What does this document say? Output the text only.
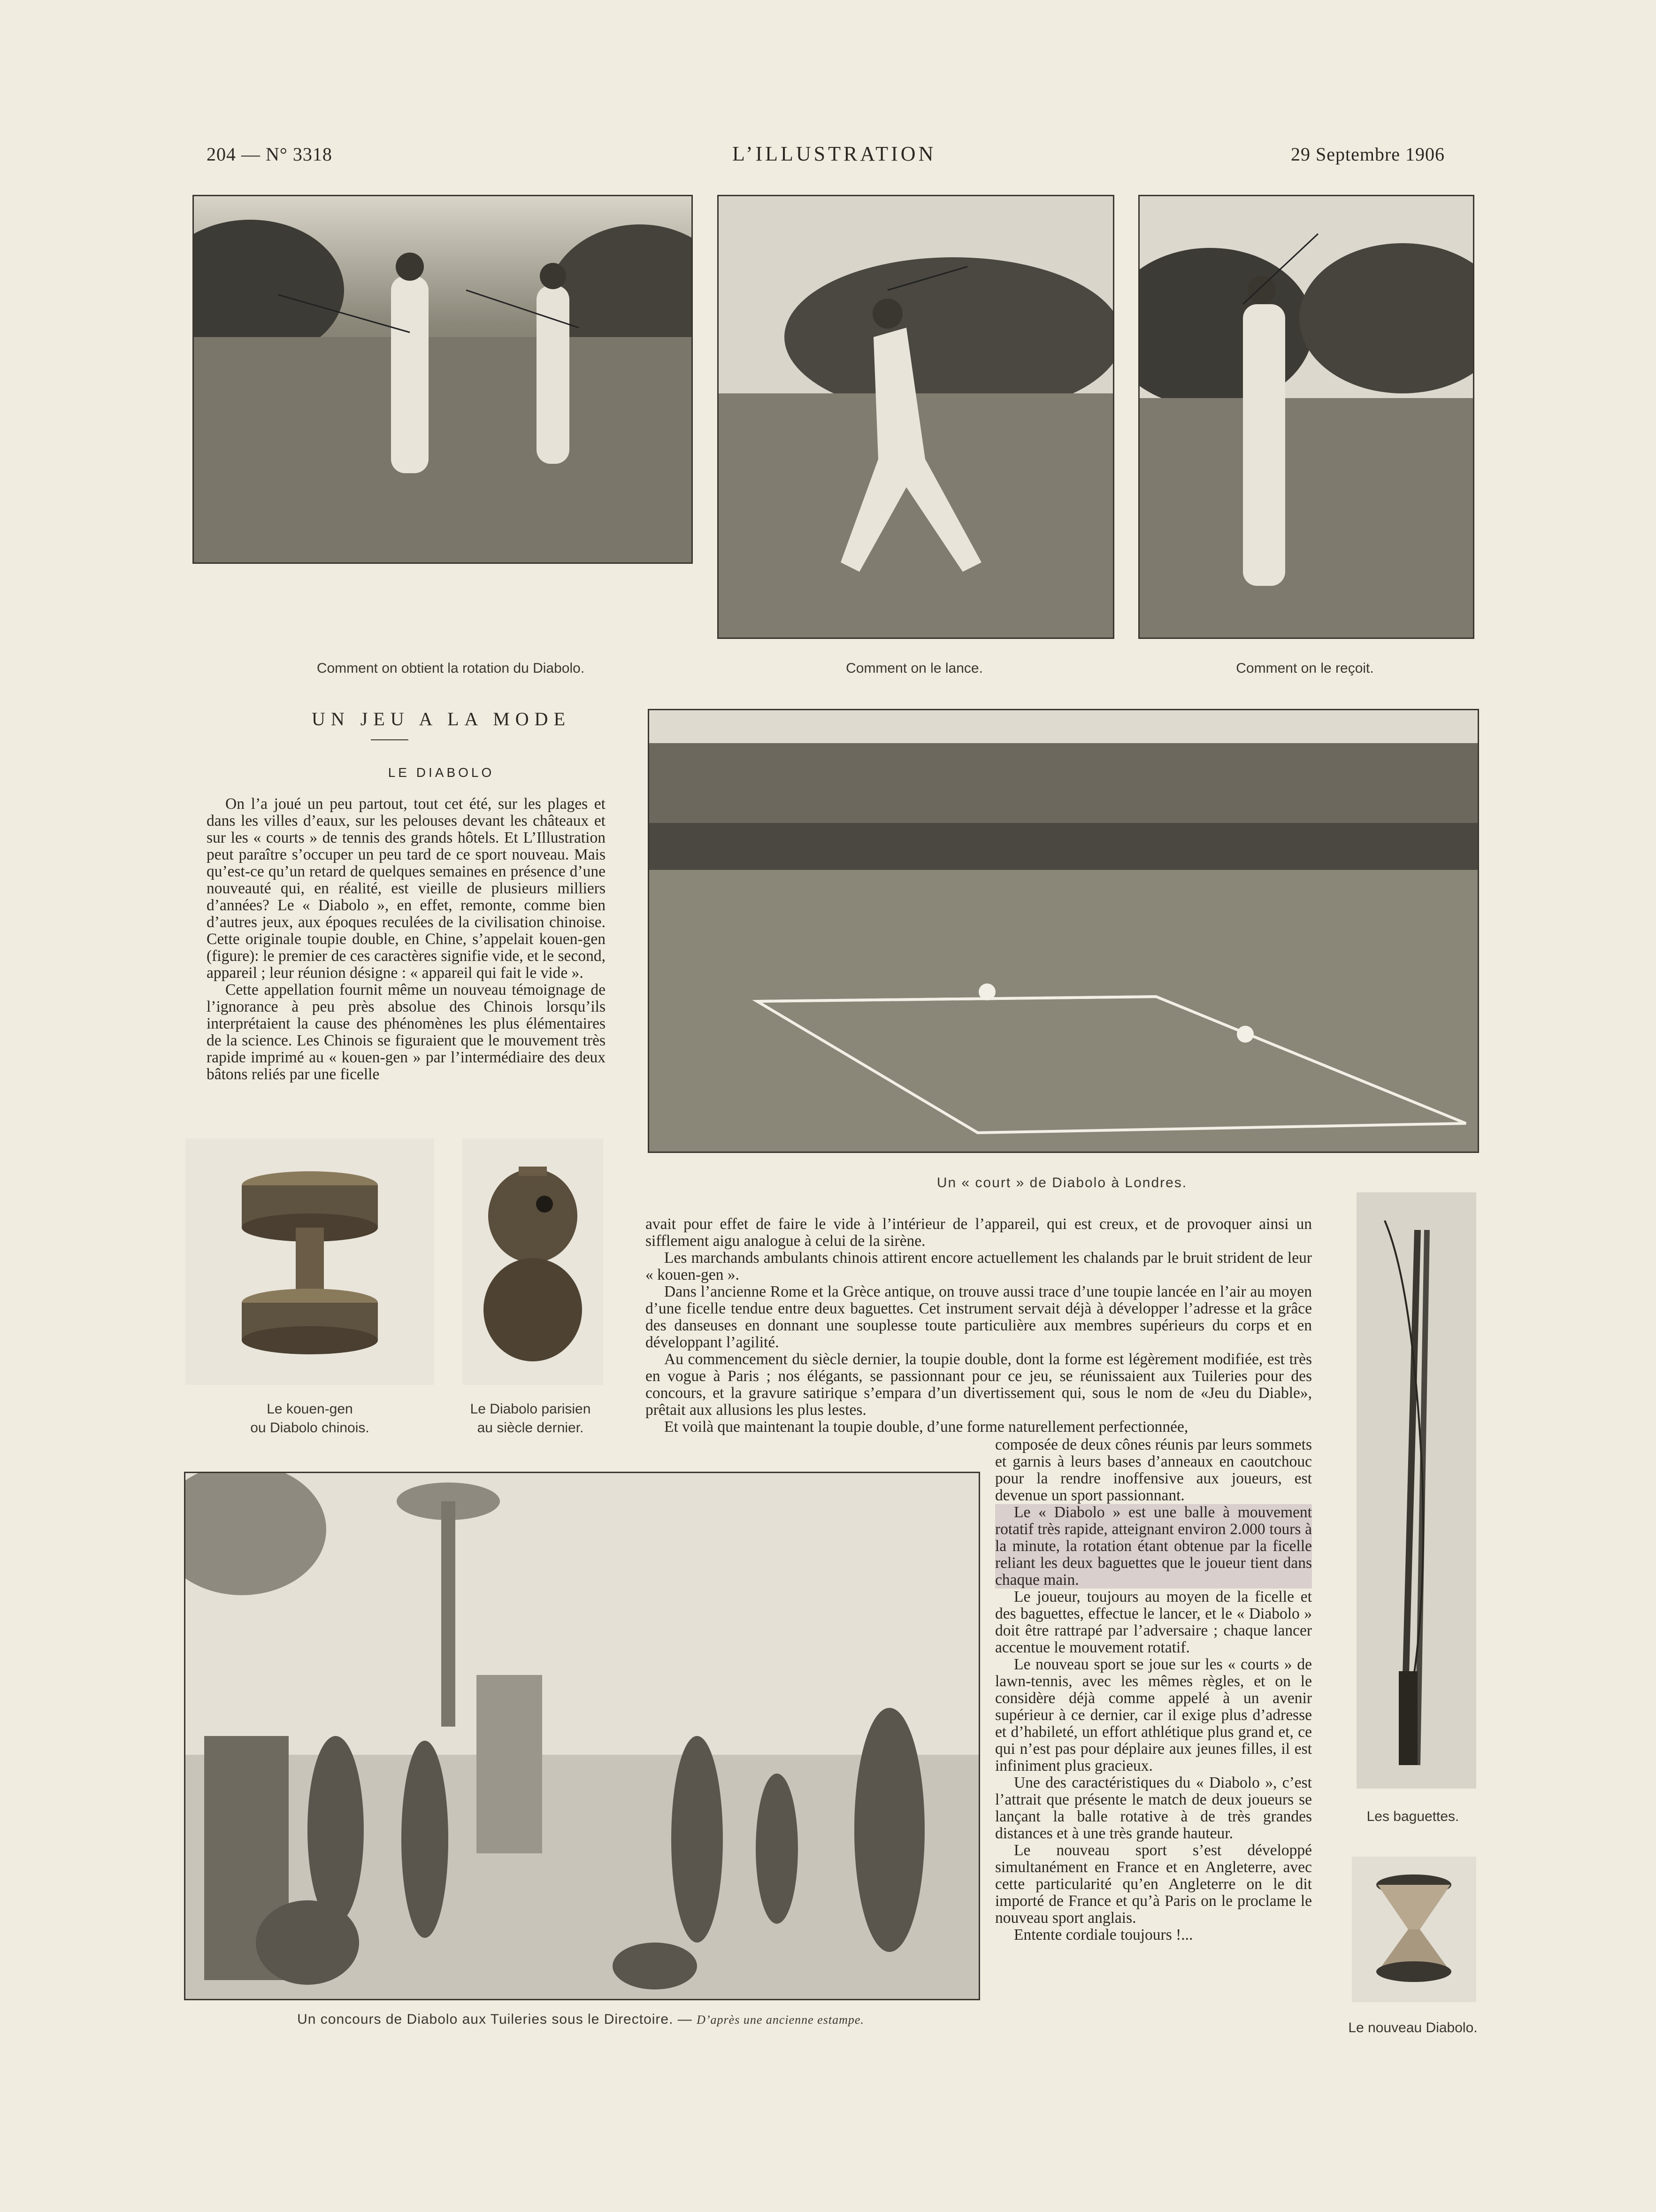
204 — N° 3318	L’ILLUSTRATION	29 Septembre 1906
Comment on obtient la rotation du Diabolo.	Comment on le lance.	Comment on le reçoit.
UN JEU A LA MODE
LE DIABOLO

On l’a joué un peu partout, tout cet été, sur les plages et dans les villes d’eaux, sur les pelouses devant les châteaux et sur les « courts » de tennis des grands hôtels. Et L’Illustration peut paraître s’occuper un peu tard de ce sport nouveau. Mais qu’est-ce qu’un retard de quelques semaines en présence d’une nouveauté qui, en réalité, est vieille de plusieurs milliers d’années? Le « Diabolo », en effet, remonte, comme bien d’autres jeux, aux époques reculées de la civilisation chinoise. Cette originale toupie double, en Chine, s’appelait kouen-gen (figure): le premier de ces caractères signifie vide, et le second, appareil ; leur réunion désigne : « appareil qui fait le vide ».

Cette appellation fournit même un nouveau témoignage de l’ignorance à peu près absolue des Chinois lorsqu’ils interprétaient la cause des phénomènes les plus élémentaires de la science. Les Chinois se figuraient que le mouvement très rapide imprimé au « kouen-gen » par l’intermédiaire des deux bâtons reliés par une ficelle

Un « court » de Diabolo à Londres.
Le kouen-gen
ou Diabolo chinois.
Le Diabolo parisien
au siècle dernier.

avait pour effet de faire le vide à l’intérieur de l’appareil, qui est creux, et de provoquer ainsi un sifflement aigu analogue à celui de la sirène.

Les marchands ambulants chinois attirent encore actuellement les chalands par le bruit strident de leur « kouen-gen ».

Dans l’ancienne Rome et la Grèce antique, on trouve aussi trace d’une toupie lancée en l’air au moyen d’une ficelle tendue entre deux baguettes. Cet instrument servait déjà à développer l’adresse et la grâce des danseuses en donnant une souplesse toute particulière aux membres supérieurs du corps et en développant l’agilité.

Au commencement du siècle dernier, la toupie double, dont la forme est légèrement modifiée, est très en vogue à Paris ; nos élégants, se passionnant pour ce jeu, se réunissaient aux Tuileries pour des concours, et la gravure satirique s’empara d’un divertissement qui, sous le nom de «Jeu du Diable», prêtait aux allusions les plus lestes.

Et voilà que maintenant la toupie double, d’une forme naturellement perfectionnée,

composée de deux cônes réunis par leurs sommets et garnis à leurs bases d’anneaux en caoutchouc pour la rendre inoffensive aux joueurs, est devenue un sport passionnant.

Le « Diabolo » est une balle à mouvement rotatif très rapide, atteignant environ 2.000 tours à la minute, la rotation étant obtenue par la ficelle reliant les deux baguettes que le joueur tient dans chaque main.

Le joueur, toujours au moyen de la ficelle et des baguettes, effectue le lancer, et le « Diabolo » doit être rattrapé par l’adversaire ; chaque lancer accentue le mouvement rotatif.

Le nouveau sport se joue sur les « courts » de lawn-tennis, avec les mêmes règles, et on le considère déjà comme appelé à un avenir supérieur à ce dernier, car il exige plus d’adresse et d’habileté, un effort athlétique plus grand et, ce qui n’est pas pour déplaire aux jeunes filles, il est infiniment plus gracieux.

Une des caractéristiques du « Diabolo », c’est l’attrait que présente le match de deux joueurs se lançant la balle rotative à de très grandes distances et à une très grande hauteur.

Le nouveau sport s’est développé simultanément en France et en Angleterre, avec cette particularité qu’en Angleterre on le dit importé de France et qu’à Paris on le proclame le nouveau sport anglais.

Entente cordiale toujours !...

Un concours de Diabolo aux Tuileries sous le Directoire. — D’après une ancienne estampe.
Les baguettes.
Le nouveau Diabolo.
